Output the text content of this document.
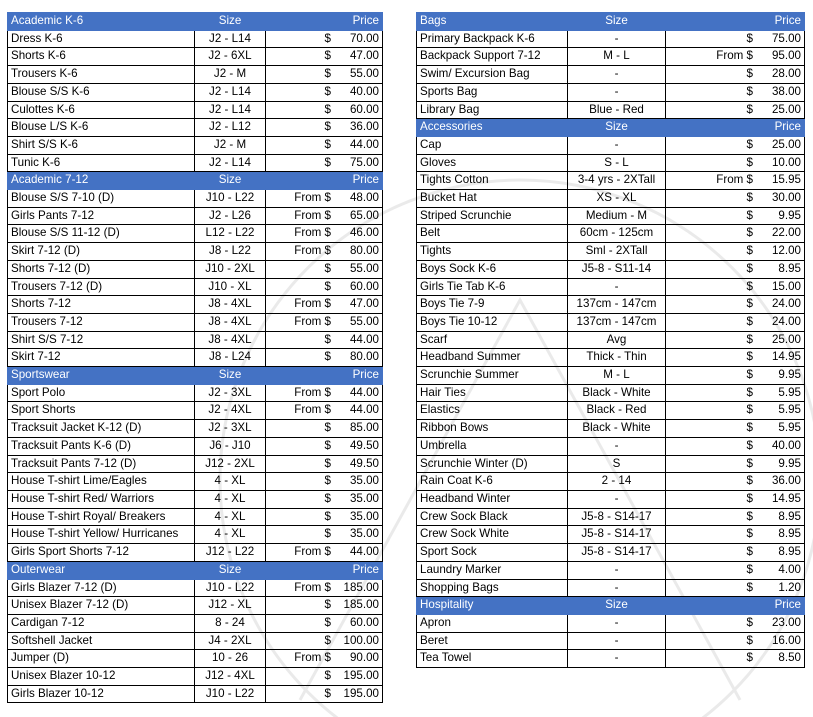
Academic K-6	Size	Price
Dress K-6	J2 - L14	$ 70.00

Shorts K-6	J2 - 6XL	$ 47.00

Trousers K-6	J2 - M	$ 55.00

Blouse S/S K-6	J2 - L14	$ 40.00

Culottes K-6	J2 - L14	$ 60.00

Blouse L/S K-6	J2 - L12	$ 36.00

Shirt S/S K-6	J2 - M	$ 44.00

Tunic K-6	J2 - L14	$ 75.00

Academic 7-12	Size	Price
Blouse S/S 7-10 (D)	J10 - L22	From $ 48.00

Girls Pants 7-12	J2 - L26	From $ 65.00

Blouse S/S 11-12 (D)	L12 - L22	From $ 46.00

Skirt 7-12 (D)	J8 - L22	From $ 80.00

Shorts 7-12 (D)	J10 - 2XL	$ 55.00

Trousers 7-12 (D)	J10 - XL	$ 60.00

Shorts 7-12	J8 - 4XL	From $ 47.00

Trousers 7-12	J8 - 4XL	From $ 55.00

Shirt S/S 7-12	J8 - 4XL	$ 44.00

Skirt 7-12	J8 - L24	$ 80.00

Sportswear	Size	Price
Sport Polo	J2 - 3XL	From $ 44.00

Sport Shorts	J2 - 4XL	From $ 44.00

Tracksuit Jacket K-12 (D)	J2 - 3XL	$ 85.00

Tracksuit Pants K-6 (D)	J6 - J10	$ 49.50

Tracksuit Pants 7-12 (D)	J12 - 2XL	$ 49.50

House T-shirt Lime/Eagles	4 - XL	$ 35.00

House T-shirt Red/ Warriors	4 - XL	$ 35.00

House T-shirt Royal/ Breakers	4 - XL	$ 35.00

House T-shirt Yellow/ Hurricanes	4 - XL	$ 35.00

Girls Sport Shorts 7-12	J12 - L22	From $ 44.00

Outerwear	Size	Price
Girls Blazer 7-12 (D)	J10 - L22	From $ 185.00

Unisex Blazer 7-12 (D)	J12 - XL	$ 185.00

Cardigan 7-12	8 - 24	$ 60.00

Softshell Jacket	J4 - 2XL	$ 100.00

Jumper (D)	10 - 26	From $ 90.00

Unisex Blazer 10-12	J12 - 4XL	$ 195.00

Girls Blazer 10-12	J10 - L22	$ 195.00
Bags	Size	Price
Primary Backpack K-6	-	$ 75.00

Backpack Support 7-12	M - L	From $ 95.00

Swim/ Excursion Bag	-	$ 28.00

Sports Bag	-	$ 38.00

Library Bag	Blue - Red	$ 25.00

Accessories	Size	Price
Cap	-	$ 25.00

Gloves	S - L	$ 10.00

Tights Cotton	3-4 yrs - 2XTall	From $ 15.95

Bucket Hat	XS - XL	$ 30.00

Striped Scrunchie	Medium - M	$ 9.95

Belt	60cm - 125cm	$ 22.00

Tights	Sml - 2XTall	$ 12.00

Boys Sock K-6	J5-8 - S11-14	$ 8.95

Girls Tie Tab K-6	-	$ 15.00

Boys Tie 7-9	137cm - 147cm	$ 24.00

Boys Tie 10-12	137cm - 147cm	$ 24.00

Scarf	Avg	$ 25.00

Headband Summer	Thick - Thin	$ 14.95

Scrunchie Summer	M - L	$ 9.95

Hair Ties	Black - White	$ 5.95

Elastics	Black - Red	$ 5.95

Ribbon Bows	Black - White	$ 5.95

Umbrella	-	$ 40.00

Scrunchie Winter (D)	S	$ 9.95

Rain Coat K-6	2 - 14	$ 36.00

Headband Winter	-	$ 14.95

Crew Sock Black	J5-8 - S14-17	$ 8.95

Crew Sock White	J5-8 - S14-17	$ 8.95

Sport Sock	J5-8 - S14-17	$ 8.95

Laundry Marker	-	$ 4.00

Shopping Bags	-	$ 1.20

Hospitality	Size	Price
Apron	-	$ 23.00

Beret	-	$ 16.00

Tea Towel	-	$ 8.50
